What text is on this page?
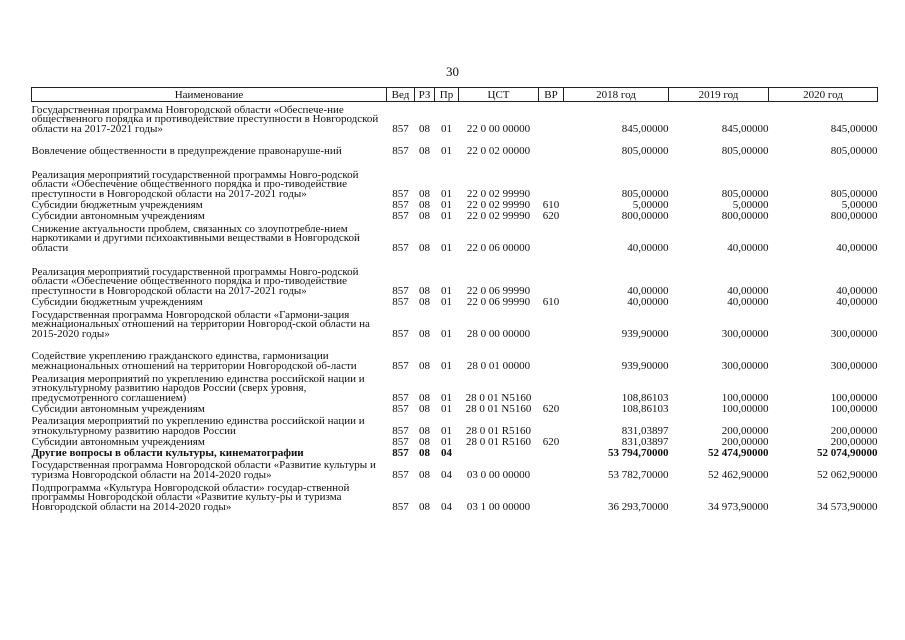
30
Наименование	Вед	РЗ	Пр	ЦСТ	ВР	2018 год	2019 год	2020 год
Государственная программа Новгородской области «Обеспече-ние общественного порядка и противодействие преступности в Новгородской области на 2017-2021 годы»	857	08	01	22 0 00 00000		845,00000	845,00000	845,00000
Вовлечение общественности в предупреждение правонаруше-ний	857	08	01	22 0 02 00000		805,00000	805,00000	805,00000
Реализация мероприятий государственной программы Новго-родской области «Обеспечение общественного порядка и про-тиводействие преступности в Новгородской области на 2017-2021 годы»	857	08	01	22 0 02 99990		805,00000	805,00000	805,00000
Субсидии бюджетным учреждениям	857	08	01	22 0 02 99990	610	5,00000	5,00000	5,00000
Субсидии автономным учреждениям	857	08	01	22 0 02 99990	620	800,00000	800,00000	800,00000
Снижение актуальности проблем, связанных со злоупотребле-нием наркотиками и другими психоактивными веществами в Новгородской области	857	08	01	22 0 06 00000		40,00000	40,00000	40,00000
Реализация мероприятий государственной программы Новго-родской области «Обеспечение общественного порядка и про-тиводействие преступности в Новгородской области на 2017-2021 годы»	857	08	01	22 0 06 99990		40,00000	40,00000	40,00000
Субсидии бюджетным учреждениям	857	08	01	22 0 06 99990	610	40,00000	40,00000	40,00000
Государственная программа Новгородской области «Гармони-зация межнациональных отношений на территории Новгород-ской области на 2015-2020 годы»	857	08	01	28 0 00 00000		939,90000	300,00000	300,00000
Содействие укреплению гражданского единства, гармонизации межнациональных отношений на территории Новгородской об-ласти	857	08	01	28 0 01 00000		939,90000	300,00000	300,00000
Реализация мероприятий по укреплению единства российской нации и этнокультурному развитию народов России (сверх уровня, предусмотренного соглашением)	857	08	01	28 0 01 N5160		108,86103	100,00000	100,00000
Субсидии автономным учреждениям	857	08	01	28 0 01 N5160	620	108,86103	100,00000	100,00000
Реализация мероприятий по укреплению единства российской нации и этнокультурному развитию народов России	857	08	01	28 0 01 R5160		831,03897	200,00000	200,00000
Субсидии автономным учреждениям	857	08	01	28 0 01 R5160	620	831,03897	200,00000	200,00000
Другие вопросы в области культуры, кинематографии	857	08	04			53 794,70000	52 474,90000	52 074,90000
Государственная программа Новгородской области «Развитие культуры и туризма Новгородской области на 2014-2020 годы»	857	08	04	03 0 00 00000		53 782,70000	52 462,90000	52 062,90000
Подпрограмма «Культура Новгородской области» государ-ственной программы Новгородской области «Развитие культу-ры и туризма Новгородской области на 2014-2020 годы»	857	08	04	03 1 00 00000		36 293,70000	34 973,90000	34 573,90000
